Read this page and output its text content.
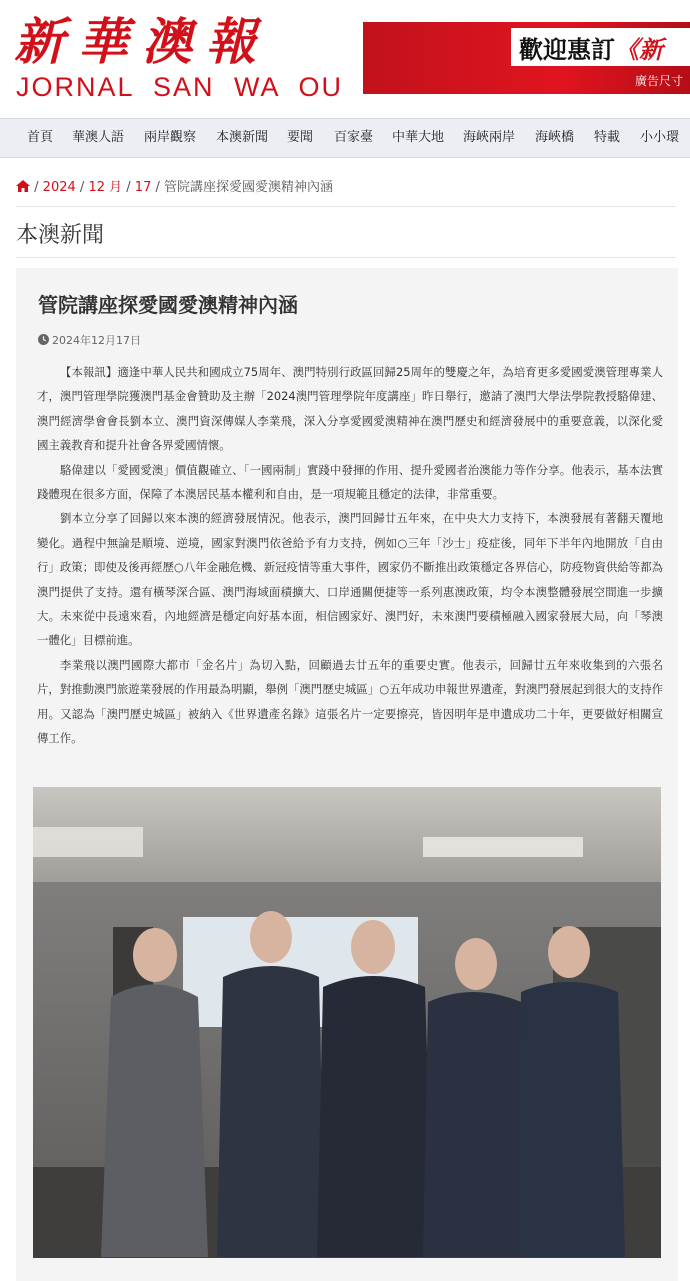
新華澳報
JORNAL SAN WA OU
歡迎惠訂《新
廣告尺寸
首頁 華澳人語 兩岸觀察 本澳新聞 要聞 百家臺 中華大地 海峽兩岸 海峽橋 特載 小小環
/ 2024 / 12 月 / 17 / 管院講座探愛國愛澳精神內涵
本澳新聞
管院講座探愛國愛澳精神內涵
2024年12月17日

【本報訊】適逢中華人民共和國成立75周年、澳門特別行政區回歸25周年的雙慶之年，為培育更多愛國愛澳管理專業人才，澳門管理學院獲澳門基金會贊助及主辦「2024澳門管理學院年度講座」昨日舉行，邀請了澳門大學法學院教授駱偉建、澳門經濟學會會長劉本立、澳門資深傳媒人李業飛，深入分享愛國愛澳精神在澳門歷史和經濟發展中的重要意義，以深化愛國主義教育和提升社會各界愛國情懷。

駱偉建以「愛國愛澳」價值觀確立、「一國兩制」實踐中發揮的作用、提升愛國者治澳能力等作分享。他表示，基本法實踐體現在很多方面，保障了本澳居民基本權利和自由，是一項規範且穩定的法律，非常重要。

劉本立分享了回歸以來本澳的經濟發展情況。他表示，澳門回歸廿五年來，在中央大力支持下，本澳發展有著翻天覆地變化。過程中無論是順境、逆境，國家對澳門依爸給予有力支持，例如○三年「沙士」疫症後，同年下半年內地開放「自由行」政策；即使及後再經歷○八年金融危機、新冠疫情等重大事件，國家仍不斷推出政策穩定各界信心，防疫物資供給等都為澳門提供了支持。還有橫琴深合區、澳門海域面積擴大、口岸通關便捷等一系列惠澳政策，均令本澳整體發展空間進一步擴大。未來從中長遠來看，內地經濟是穩定向好基本面，相信國家好、澳門好，未來澳門要積極融入國家發展大局，向「琴澳一體化」目標前進。

李業飛以澳門國際大都市「金名片」為切入點，回顧過去廿五年的重要史實。他表示，回歸廿五年來收集到的六張名片，對推動澳門旅遊業發展的作用最為明顯，舉例「澳門歷史城區」○五年成功申報世界遺產，對澳門發展起到很大的支持作用。又認為「澳門歷史城區」被納入《世界遺產名錄》這張名片一定要擦亮，皆因明年是申遺成功二十年，更要做好相關宣傳工作。
